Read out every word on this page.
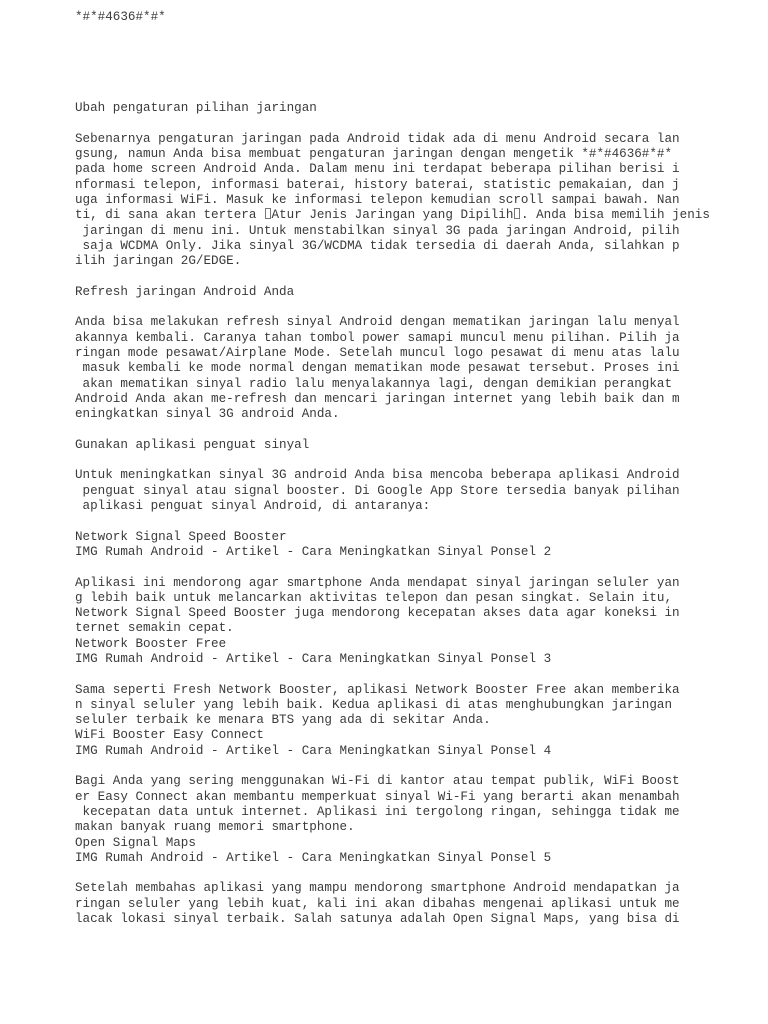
*#*#4636#*#*
Ubah pengaturan pilihan jaringan
Sebenarnya pengaturan jaringan pada Android tidak ada di menu Android secara lan
gsung, namun Anda bisa membuat pengaturan jaringan dengan mengetik *#*#4636#*#*
pada home screen Android Anda. Dalam menu ini terdapat beberapa pilihan berisi i
nformasi telepon, informasi baterai, history baterai, statistic pemakaian, dan j
uga informasi WiFi. Masuk ke informasi telepon kemudian scroll sampai bawah. Nan
ti, di sana akan tertera Atur Jenis Jaringan yang Dipilih . Anda bisa memilih jenis
jaringan di menu ini. Untuk menstabilkan sinyal 3G pada jaringan Android, pilih
saja WCDMA Only. Jika sinyal 3G/WCDMA tidak tersedia di daerah Anda, silahkan p
ilih jaringan 2G/EDGE.
Refresh jaringan Android Anda
Anda bisa melakukan refresh sinyal Android dengan mematikan jaringan lalu menyal
akannya kembali. Caranya tahan tombol power samapi muncul menu pilihan. Pilih ja
ringan mode pesawat/Airplane Mode. Setelah muncul logo pesawat di menu atas lalu
masuk kembali ke mode normal dengan mematikan mode pesawat tersebut. Proses ini
akan mematikan sinyal radio lalu menyalakannya lagi, dengan demikian perangkat
Android Anda akan me-refresh dan mencari jaringan internet yang lebih baik dan m
eningkatkan sinyal 3G android Anda.
Gunakan aplikasi penguat sinyal
Untuk meningkatkan sinyal 3G android Anda bisa mencoba beberapa aplikasi Android
penguat sinyal atau signal booster. Di Google App Store tersedia banyak pilihan
aplikasi penguat sinyal Android, di antaranya:
Network Signal Speed Booster
IMG Rumah Android - Artikel - Cara Meningkatkan Sinyal Ponsel 2
Aplikasi ini mendorong agar smartphone Anda mendapat sinyal jaringan seluler yan
g lebih baik untuk melancarkan aktivitas telepon dan pesan singkat. Selain itu,
Network Signal Speed Booster juga mendorong kecepatan akses data agar koneksi in
ternet semakin cepat.
Network Booster Free
IMG Rumah Android - Artikel - Cara Meningkatkan Sinyal Ponsel 3
Sama seperti Fresh Network Booster, aplikasi Network Booster Free akan memberika
n sinyal seluler yang lebih baik. Kedua aplikasi di atas menghubungkan jaringan
seluler terbaik ke menara BTS yang ada di sekitar Anda.
WiFi Booster Easy Connect
IMG Rumah Android - Artikel - Cara Meningkatkan Sinyal Ponsel 4
Bagi Anda yang sering menggunakan Wi-Fi di kantor atau tempat publik, WiFi Boost
er Easy Connect akan membantu memperkuat sinyal Wi-Fi yang berarti akan menambah
kecepatan data untuk internet. Aplikasi ini tergolong ringan, sehingga tidak me
makan banyak ruang memori smartphone.
Open Signal Maps
IMG Rumah Android - Artikel - Cara Meningkatkan Sinyal Ponsel 5
Setelah membahas aplikasi yang mampu mendorong smartphone Android mendapatkan ja
ringan seluler yang lebih kuat, kali ini akan dibahas mengenai aplikasi untuk me
lacak lokasi sinyal terbaik. Salah satunya adalah Open Signal Maps, yang bisa di
